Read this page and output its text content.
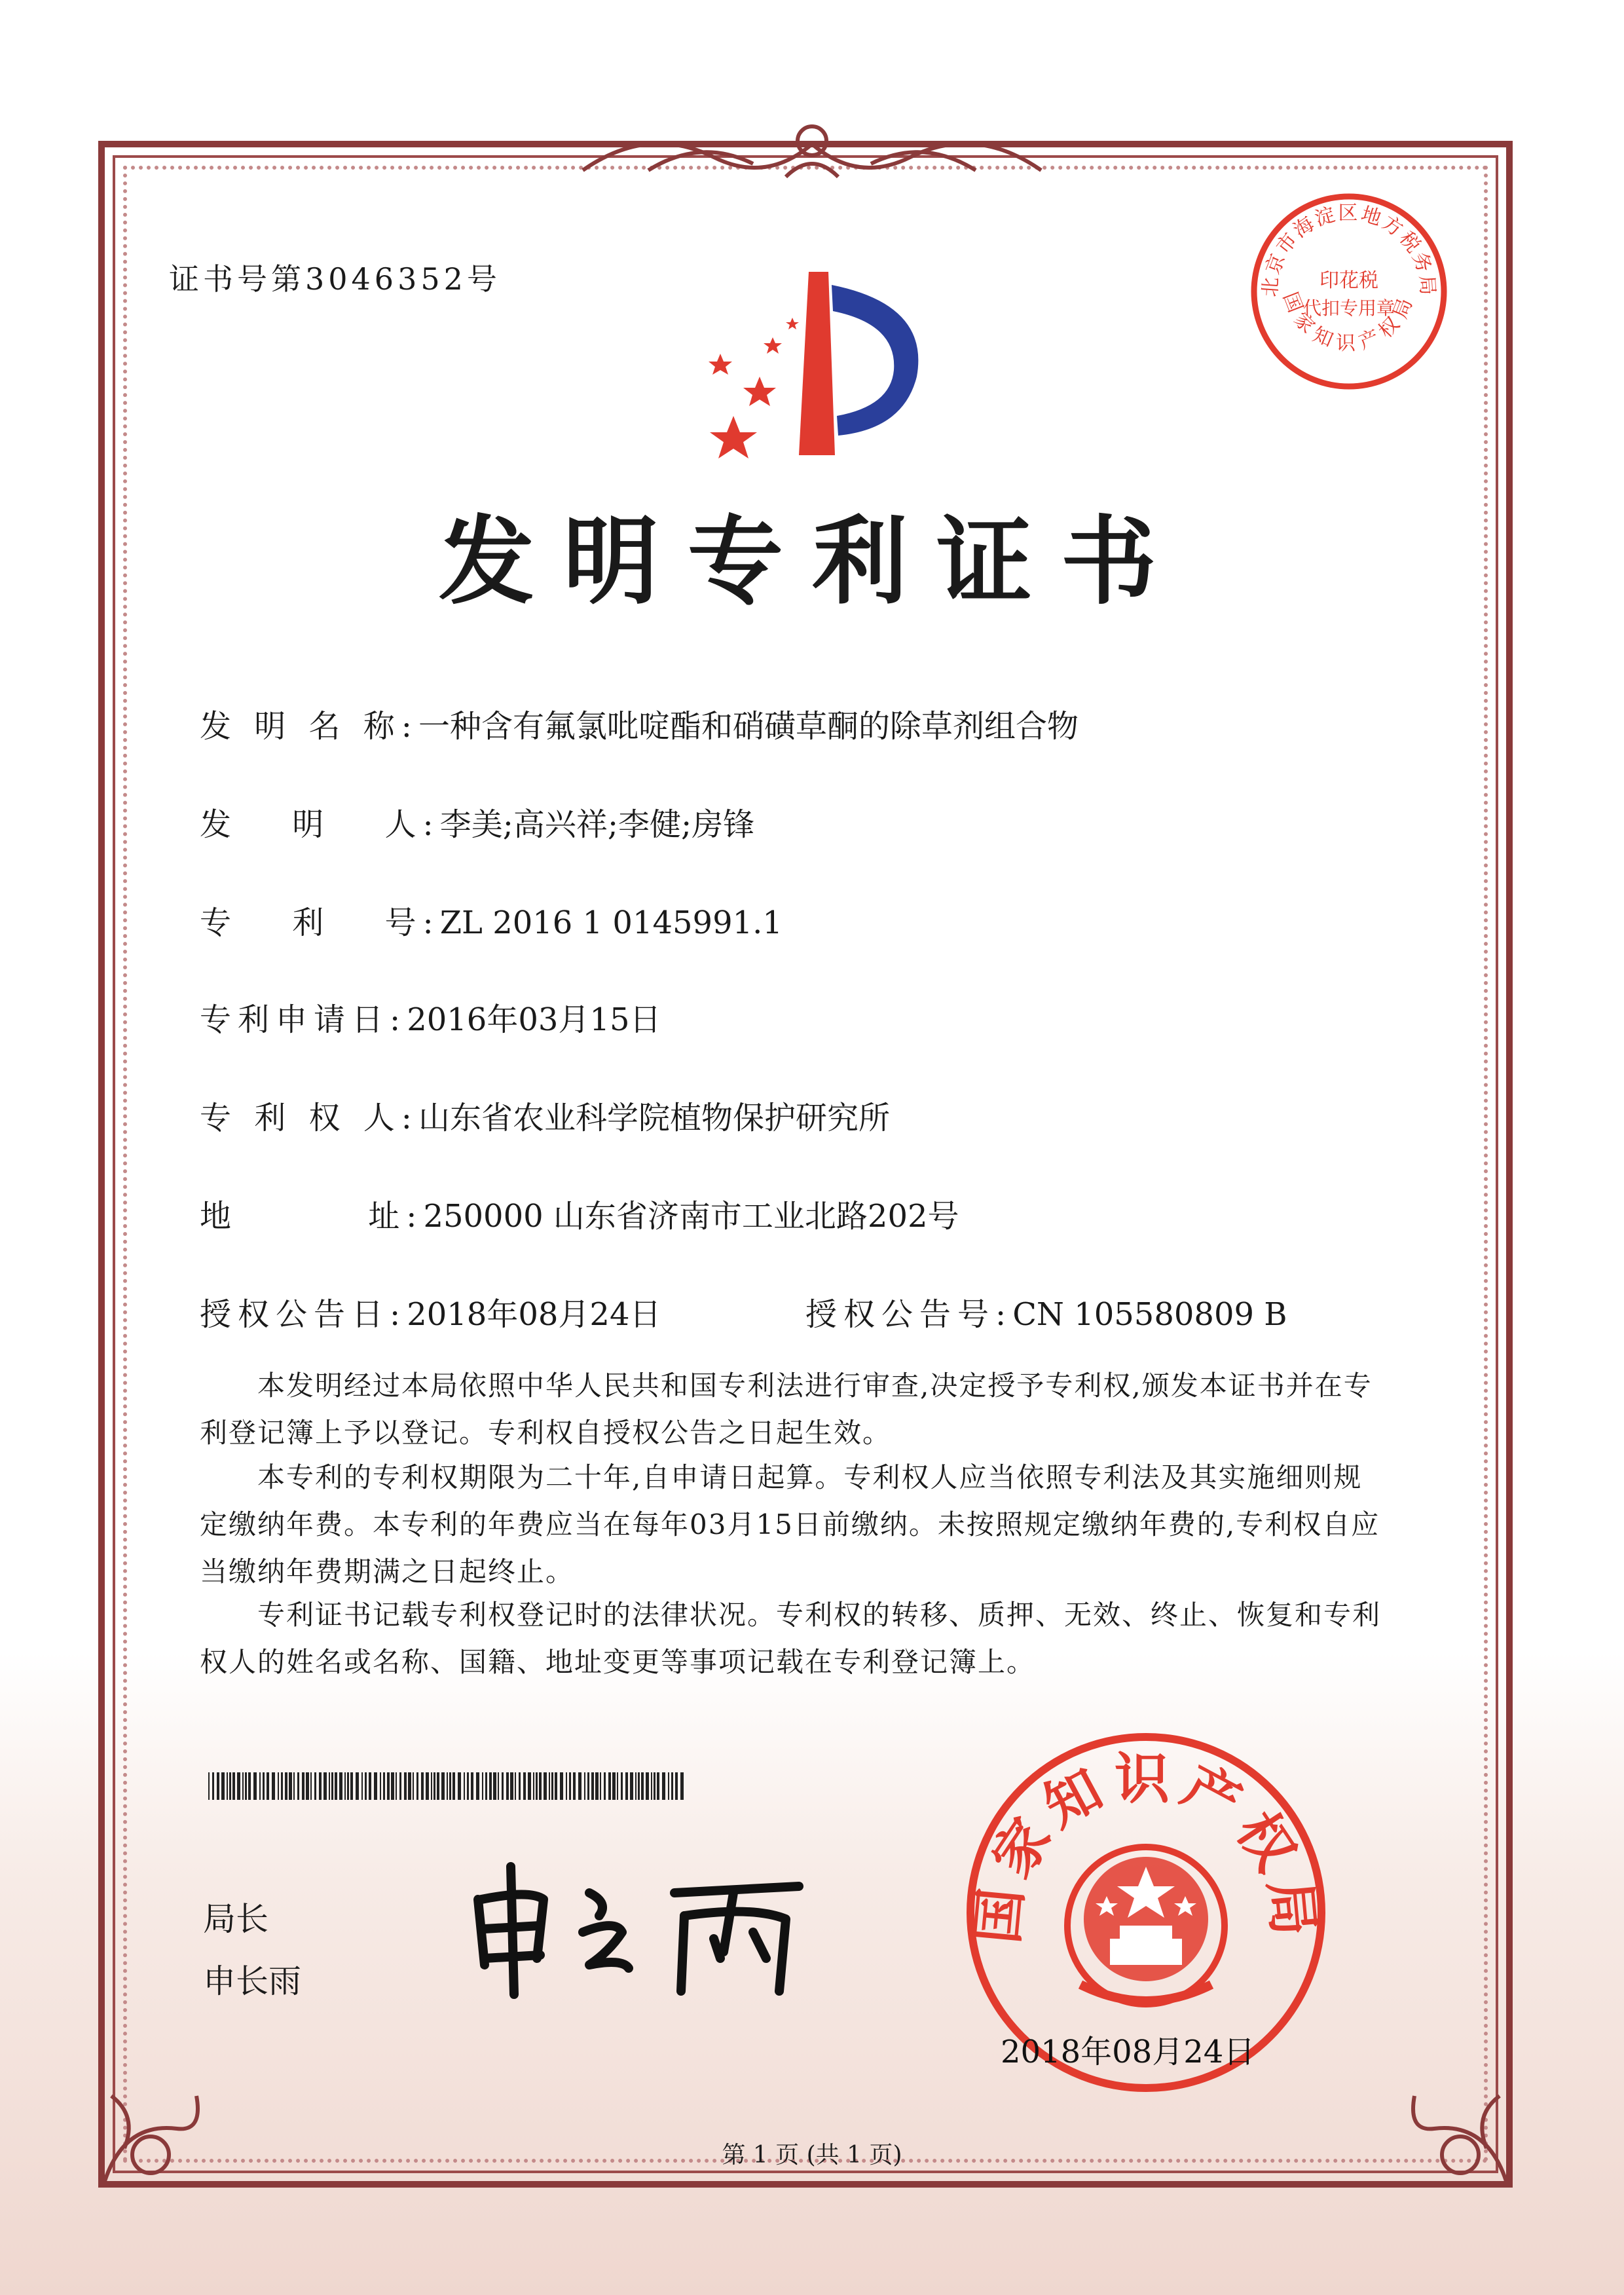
证书号第3046352号	北京市海淀区地方税务局
印花税
代扣专用章
国家知识产权局
发明专利证书
发 明 名 称:一种含有氟氯吡啶酯和硝磺草酮的除草剂组合物
发　 明　 人:李美;高兴祥;李健;房锋
专　 利　 号:ZL 2016 1 0145991.1
专利申请日:2016年03月15日
专 利 权 人:山东省农业科学院植物保护研究所
地　　　 址:250000 山东省济南市工业北路202号
授权公告日:2018年08月24日	授权公告号:CN 105580809 B
本发明经过本局依照中华人民共和国专利法进行审查,决定授予专利权,颁发本证书并在专利登记簿上予以登记。专利权自授权公告之日起生效。
本专利的专利权期限为二十年,自申请日起算。专利权人应当依照专利法及其实施细则规定缴纳年费。本专利的年费应当在每年03月15日前缴纳。未按照规定缴纳年费的,专利权自应当缴纳年费期满之日起终止。
专利证书记载专利权登记时的法律状况。专利权的转移、质押、无效、终止、恢复和专利权人的姓名或名称、国籍、地址变更等事项记载在专利登记簿上。
局长
申长雨
国家知识产权局
2018年08月24日
第 1 页 (共 1 页)
